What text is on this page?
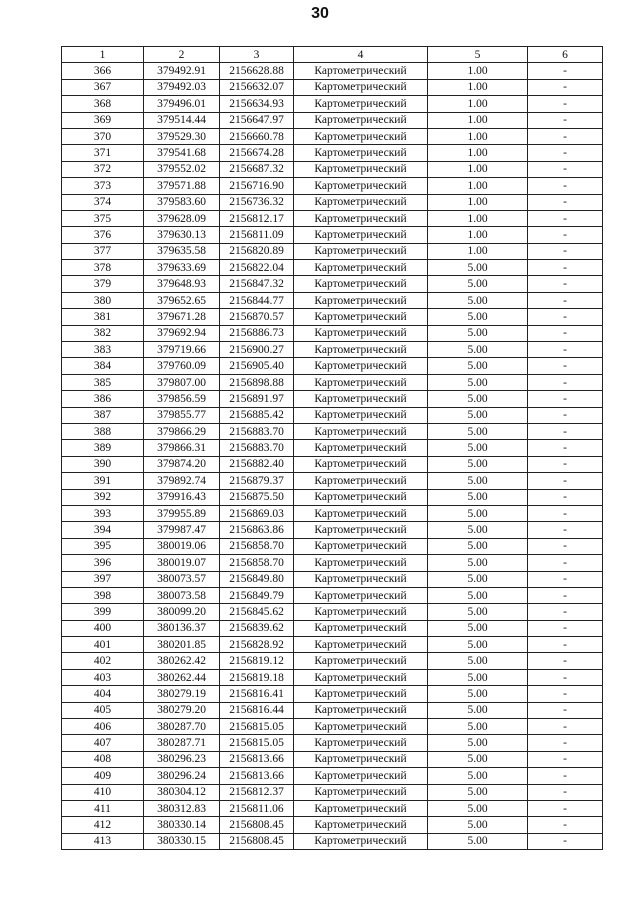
30
1	2	3	4	5	6
366	379492.91	2156628.88	Картометрический	1.00	-
367	379492.03	2156632.07	Картометрический	1.00	-
368	379496.01	2156634.93	Картометрический	1.00	-
369	379514.44	2156647.97	Картометрический	1.00	-
370	379529.30	2156660.78	Картометрический	1.00	-
371	379541.68	2156674.28	Картометрический	1.00	-
372	379552.02	2156687.32	Картометрический	1.00	-
373	379571.88	2156716.90	Картометрический	1.00	-
374	379583.60	2156736.32	Картометрический	1.00	-
375	379628.09	2156812.17	Картометрический	1.00	-
376	379630.13	2156811.09	Картометрический	1.00	-
377	379635.58	2156820.89	Картометрический	1.00	-
378	379633.69	2156822.04	Картометрический	5.00	-
379	379648.93	2156847.32	Картометрический	5.00	-
380	379652.65	2156844.77	Картометрический	5.00	-
381	379671.28	2156870.57	Картометрический	5.00	-
382	379692.94	2156886.73	Картометрический	5.00	-
383	379719.66	2156900.27	Картометрический	5.00	-
384	379760.09	2156905.40	Картометрический	5.00	-
385	379807.00	2156898.88	Картометрический	5.00	-
386	379856.59	2156891.97	Картометрический	5.00	-
387	379855.77	2156885.42	Картометрический	5.00	-
388	379866.29	2156883.70	Картометрический	5.00	-
389	379866.31	2156883.70	Картометрический	5.00	-
390	379874.20	2156882.40	Картометрический	5.00	-
391	379892.74	2156879.37	Картометрический	5.00	-
392	379916.43	2156875.50	Картометрический	5.00	-
393	379955.89	2156869.03	Картометрический	5.00	-
394	379987.47	2156863.86	Картометрический	5.00	-
395	380019.06	2156858.70	Картометрический	5.00	-
396	380019.07	2156858.70	Картометрический	5.00	-
397	380073.57	2156849.80	Картометрический	5.00	-
398	380073.58	2156849.79	Картометрический	5.00	-
399	380099.20	2156845.62	Картометрический	5.00	-
400	380136.37	2156839.62	Картометрический	5.00	-
401	380201.85	2156828.92	Картометрический	5.00	-
402	380262.42	2156819.12	Картометрический	5.00	-
403	380262.44	2156819.18	Картометрический	5.00	-
404	380279.19	2156816.41	Картометрический	5.00	-
405	380279.20	2156816.44	Картометрический	5.00	-
406	380287.70	2156815.05	Картометрический	5.00	-
407	380287.71	2156815.05	Картометрический	5.00	-
408	380296.23	2156813.66	Картометрический	5.00	-
409	380296.24	2156813.66	Картометрический	5.00	-
410	380304.12	2156812.37	Картометрический	5.00	-
411	380312.83	2156811.06	Картометрический	5.00	-
412	380330.14	2156808.45	Картометрический	5.00	-
413	380330.15	2156808.45	Картометрический	5.00	-
